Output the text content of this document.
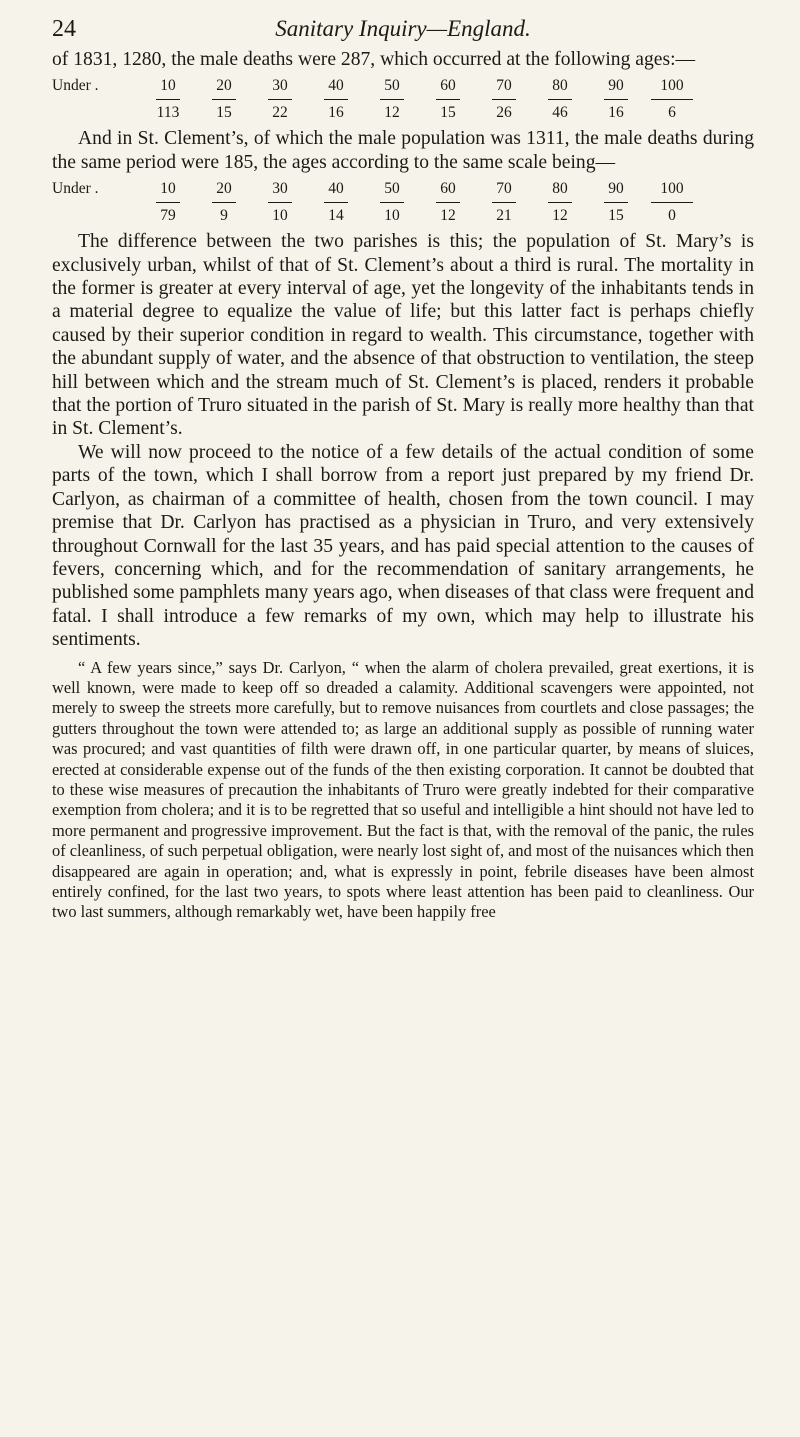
24	Sanitary Inquiry—England.

of 1831, 1280, the male deaths were 287, which occurred at the following ages:—

Under .	10	20	30	40	50	60	70	80	90	100
	113	15	22	16	12	15	26	46	16	6

And in St. Clement’s, of which the male population was 1311, the male deaths during the same period were 185, the ages according to the same scale being—

Under .	10	20	30	40	50	60	70	80	90	100
	79	9	10	14	10	12	21	12	15	0

The difference between the two parishes is this; the population of St. Mary’s is exclusively urban, whilst of that of St. Clement’s about a third is rural. The mortality in the former is greater at every interval of age, yet the longevity of the inhabitants tends in a material degree to equalize the value of life; but this latter fact is perhaps chiefly caused by their superior condition in regard to wealth. This circumstance, together with the abundant supply of water, and the absence of that obstruction to ventilation, the steep hill between which and the stream much of St. Clement’s is placed, renders it probable that the portion of Truro situated in the parish of St. Mary is really more healthy than that in St. Clement’s.

We will now proceed to the notice of a few details of the actual condition of some parts of the town, which I shall borrow from a report just prepared by my friend Dr. Carlyon, as chairman of a committee of health, chosen from the town council. I may premise that Dr. Carlyon has practised as a physician in Truro, and very extensively throughout Cornwall for the last 35 years, and has paid special attention to the causes of fevers, concerning which, and for the recommendation of sanitary arrangements, he published some pamphlets many years ago, when diseases of that class were frequent and fatal. I shall introduce a few remarks of my own, which may help to illustrate his sentiments.

“ A few years since,” says Dr. Carlyon, “ when the alarm of cholera prevailed, great exertions, it is well known, were made to keep off so dreaded a calamity. Additional scavengers were appointed, not merely to sweep the streets more carefully, but to remove nuisances from courtlets and close passages; the gutters throughout the town were attended to; as large an additional supply as possible of running water was procured; and vast quantities of filth were drawn off, in one particular quarter, by means of sluices, erected at considerable expense out of the funds of the then existing corporation. It cannot be doubted that to these wise measures of precaution the inhabitants of Truro were greatly indebted for their comparative exemption from cholera; and it is to be regretted that so useful and intelligible a hint should not have led to more permanent and progressive improvement. But the fact is that, with the removal of the panic, the rules of cleanliness, of such perpetual obligation, were nearly lost sight of, and most of the nuisances which then disappeared are again in operation; and, what is expressly in point, febrile diseases have been almost entirely confined, for the last two years, to spots where least attention has been paid to cleanliness. Our two last summers, although remarkably wet, have been happily free
